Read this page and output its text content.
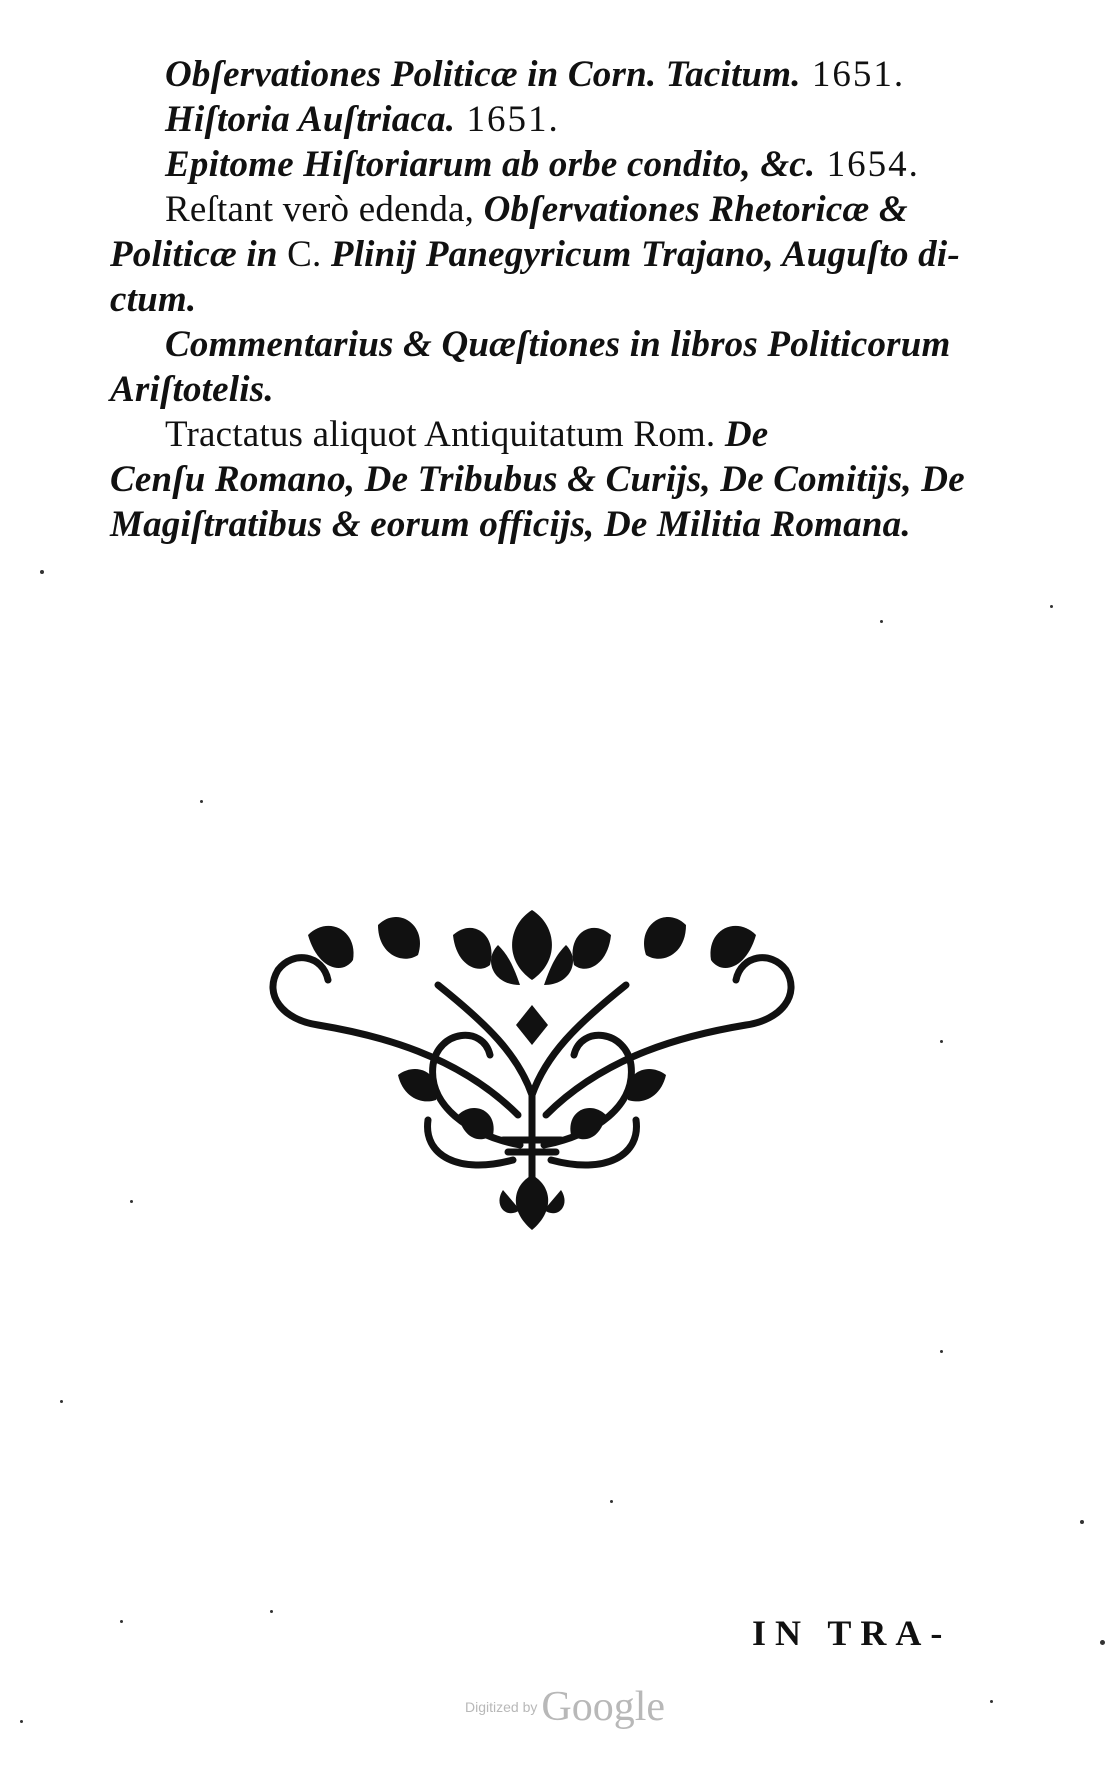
Obſervationes Politicæ in Corn. Tacitum. 1651.
Hiſtoria Auſtriaca. 1651.
Epitome Hiſtoriarum ab orbe condito, &c. 1654.
Reſtant verò edenda, Obſervationes Rhetoricæ &
Politicæ in C. Plinij Panegyricum Trajano, Auguſto di-
ctum.
Commentarius & Quæſtiones in libros Politicorum
Ariſtotelis.
Tractatus aliquot Antiquitatum Rom. De
Cenſu Romano, De Tribubus & Curijs, De Comitijs, De
Magiſtratibus & eorum officijs, De Militia Romana.
IN TRA-
Digitized by Google
